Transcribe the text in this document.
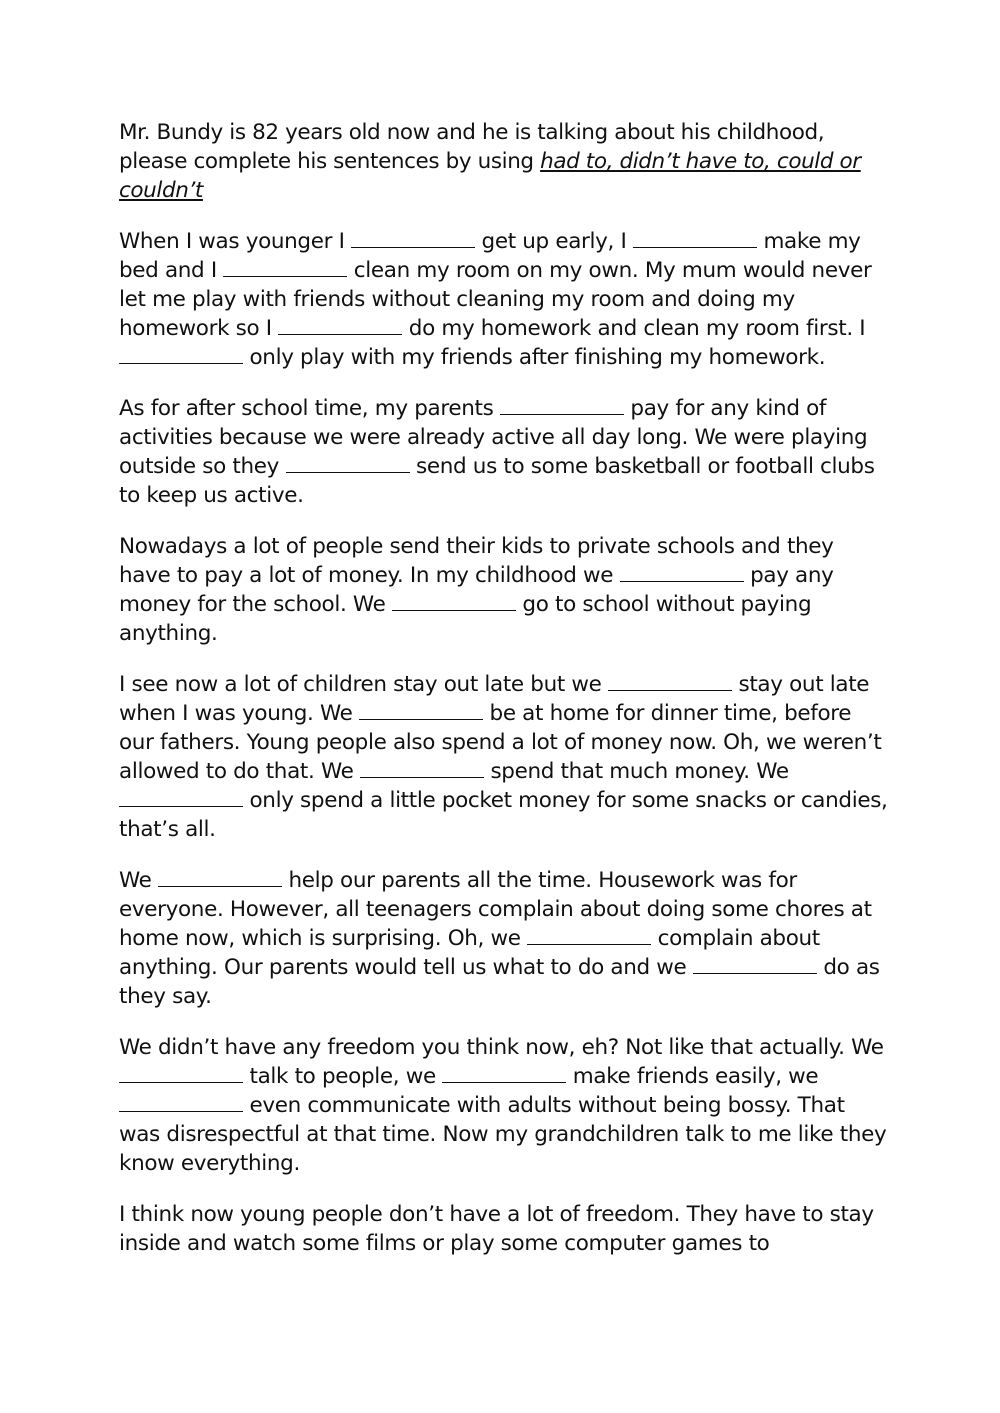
Mr. Bundy is 82 years old now and he is talking about his childhood, please complete his sentences by using had to, didn’t have to, could or couldn’t

When I was younger I	get up early, I	make my bed and I	clean my room on my own. My mum would never let me play with friends without cleaning my room and doing my homework so I	do my homework and clean my room first. I  only play with my friends after finishing my homework.

As for after school time, my parents	pay for any kind of activities because we were already active all day long. We were playing outside so they	send us to some basketball or football clubs to keep us active.

Nowadays a lot of people send their kids to private schools and they have to pay a lot of money. In my childhood we	pay any money for the school. We	go to school without paying anything.

I see now a lot of children stay out late but we	stay out late when I was young. We	be at home for dinner time, before our fathers. Young people also spend a lot of money now. Oh, we weren’t allowed to do that. We	spend that much money. We  only spend a little pocket money for some snacks or candies, that’s all.

We	help our parents all the time. Housework was for everyone. However, all teenagers complain about doing some chores at home now, which is surprising. Oh, we	complain about anything. Our parents would tell us what to do and we	do as they say.

We didn’t have any freedom you think now, eh? Not like that actually. We  talk to people, we	make friends easily, we  even communicate with adults without being bossy. That was disrespectful at that time. Now my grandchildren talk to me like they know everything.

I think now young people don’t have a lot of freedom. They have to stay inside and watch some films or play some computer games to
